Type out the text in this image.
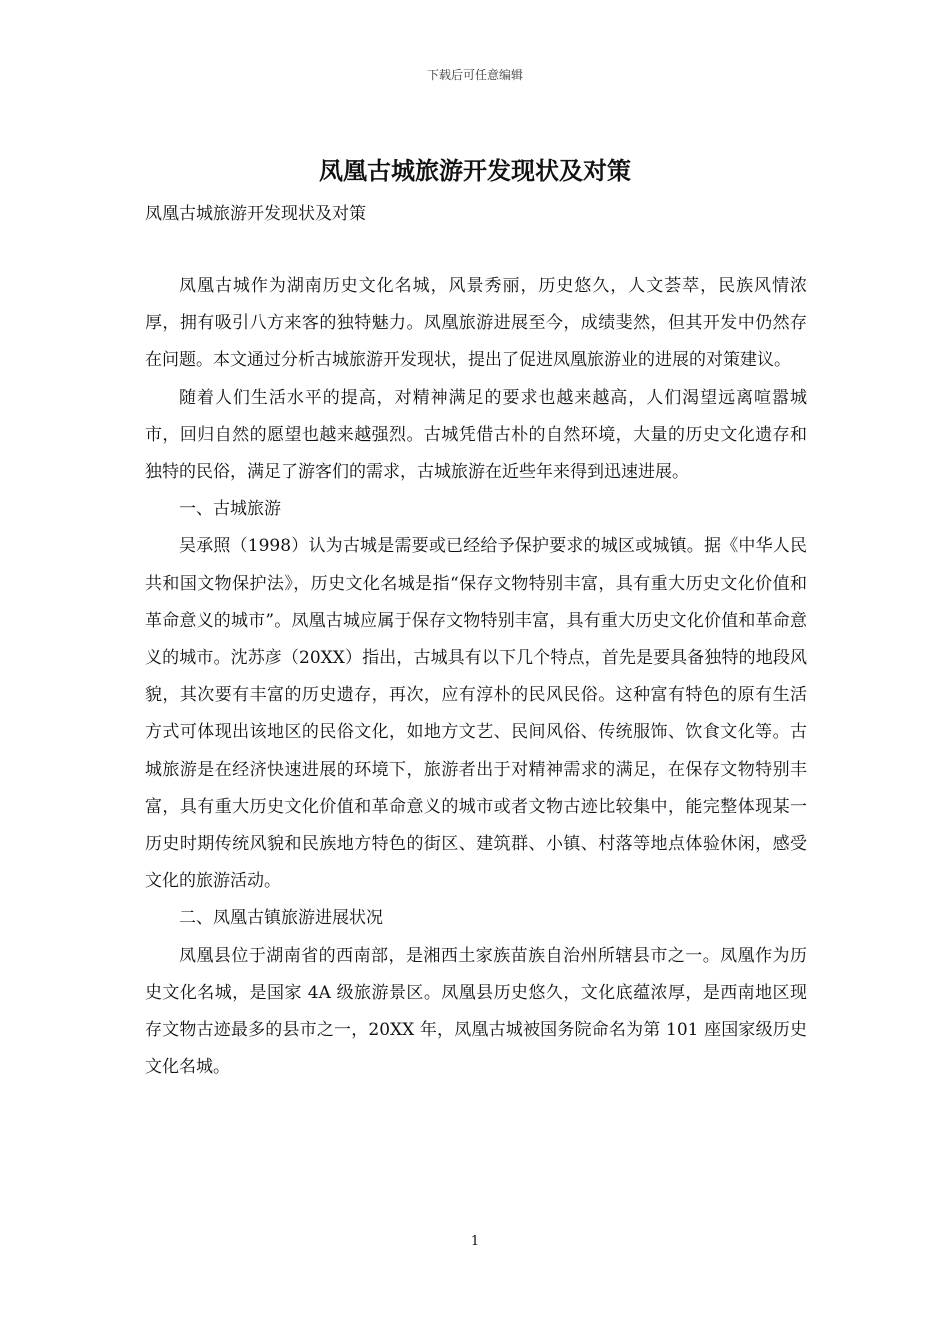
下载后可任意编辑
凤凰古城旅游开发现状及对策
凤凰古城旅游开发现状及对策

凤凰古城作为湖南历史文化名城，风景秀丽，历史悠久，人文荟萃，民族风情浓厚，拥有吸引八方来客的独特魅力。凤凰旅游进展至今，成绩斐然，但其开发中仍然存在问题。本文通过分析古城旅游开发现状，提出了促进凤凰旅游业的进展的对策建议。

随着人们生活水平的提高，对精神满足的要求也越来越高，人们渴望远离喧嚣城市，回归自然的愿望也越来越强烈。古城凭借古朴的自然环境，大量的历史文化遗存和独特的民俗，满足了游客们的需求，古城旅游在近些年来得到迅速进展。

一、古城旅游

吴承照（1998）认为古城是需要或已经给予保护要求的城区或城镇。据《中华人民共和国文物保护法》，历史文化名城是指“保存文物特别丰富，具有重大历史文化价值和革命意义的城市”。凤凰古城应属于保存文物特别丰富，具有重大历史文化价值和革命意义的城市。沈苏彦（20XX）指出，古城具有以下几个特点，首先是要具备独特的地段风貌，其次要有丰富的历史遗存，再次，应有淳朴的民风民俗。这种富有特色的原有生活方式可体现出该地区的民俗文化，如地方文艺、民间风俗、传统服饰、饮食文化等。古城旅游是在经济快速进展的环境下，旅游者出于对精神需求的满足，在保存文物特别丰富，具有重大历史文化价值和革命意义的城市或者文物古迹比较集中，能完整体现某一历史时期传统风貌和民族地方特色的街区、建筑群、小镇、村落等地点体验休闲，感受文化的旅游活动。

二、凤凰古镇旅游进展状况

凤凰县位于湖南省的西南部，是湘西土家族苗族自治州所辖县市之一。凤凰作为历史文化名城，是国家 4A 级旅游景区。凤凰县历史悠久，文化底蕴浓厚，是西南地区现存文物古迹最多的县市之一，20XX 年，凤凰古城被国务院命名为第 101 座国家级历史文化名城。

1
